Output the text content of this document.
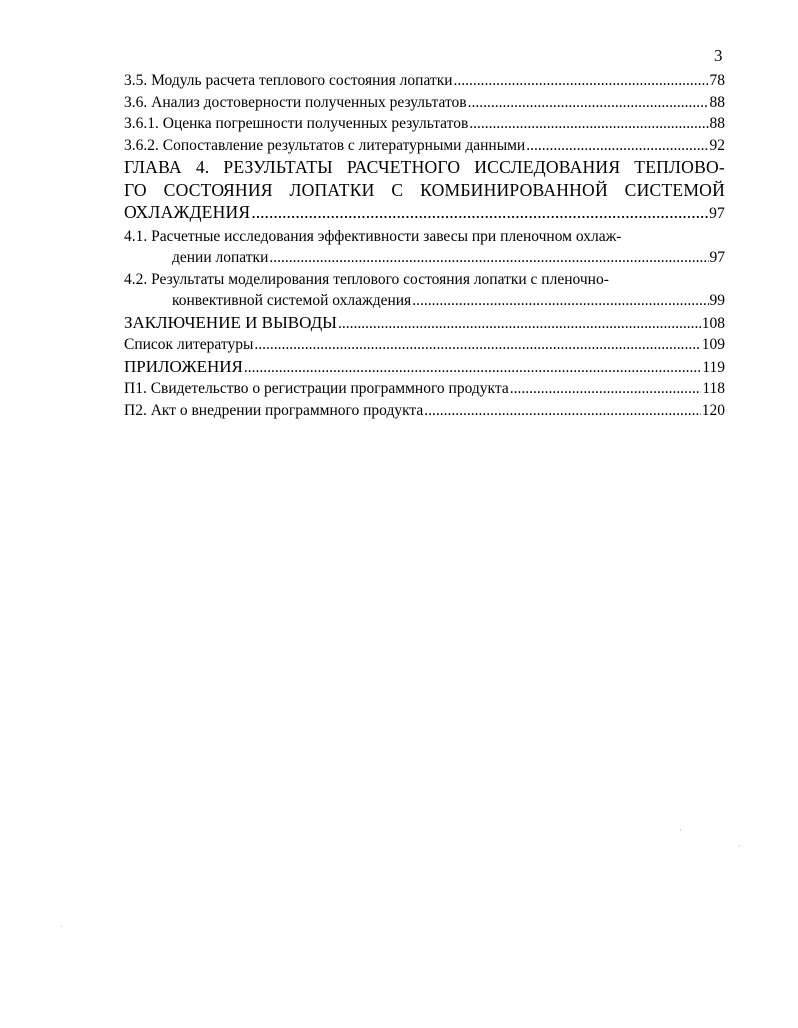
3
3.5. Модуль расчета теплового состояния лопатки .....	78
3.6. Анализ достоверности полученных результатов .....	88
3.6.1. Оценка погрешности полученных результатов .....	88
3.6.2. Сопоставление результатов с литературными данными .....	92
ГЛАВА 4. РЕЗУЛЬТАТЫ РАСЧЕТНОГО ИССЛЕДОВАНИЯ ТЕПЛОВО-
ГО СОСТОЯНИЯ ЛОПАТКИ С КОМБИНИРОВАННОЙ СИСТЕМОЙ
ОХЛАЖДЕНИЯ .....	97
4.1. Расчетные исследования эффективности завесы при пленочном охлаж-
дении лопатки .....	97
4.2. Результаты моделирования теплового состояния лопатки с пленочно-
конвективной системой охлаждения .....	99
ЗАКЛЮЧЕНИЕ И ВЫВОДЫ .....	108
Список литературы .....	109
ПРИЛОЖЕНИЯ .....	119
П1. Свидетельство о регистрации программного продукта .....	118
П2. Акт о внедрении программного продукта .....	120
·
·
ˌ
